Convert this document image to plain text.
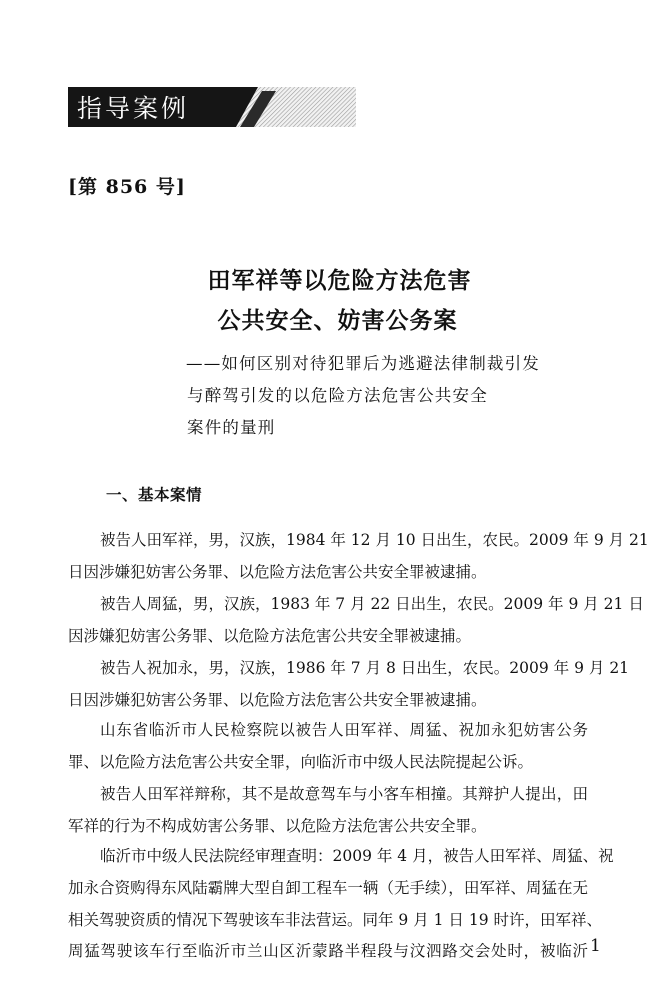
指导案例
[第 856 号]
田军祥等以危险方法危害
公共安全、妨害公务案
——如何区别对待犯罪后为逃避法律制裁引发
与醉驾引发的以危险方法危害公共安全
案件的量刑
一、基本案情
被告人田军祥，男，汉族，1984 年 12 月 10 日出生，农民。2009 年 9 月 21
日因涉嫌犯妨害公务罪、以危险方法危害公共安全罪被逮捕。
被告人周猛，男，汉族，1983 年 7 月 22 日出生，农民。2009 年 9 月 21 日
因涉嫌犯妨害公务罪、以危险方法危害公共安全罪被逮捕。
被告人祝加永，男，汉族，1986 年 7 月 8 日出生，农民。2009 年 9 月 21
日因涉嫌犯妨害公务罪、以危险方法危害公共安全罪被逮捕。
山东省临沂市人民检察院以被告人田军祥、周猛、祝加永犯妨害公务
罪、以危险方法危害公共安全罪，向临沂市中级人民法院提起公诉。
被告人田军祥辩称，其不是故意驾车与小客车相撞。其辩护人提出，田
军祥的行为不构成妨害公务罪、以危险方法危害公共安全罪。
临沂市中级人民法院经审理查明：2009 年 4 月，被告人田军祥、周猛、祝
加永合资购得东风陆霸牌大型自卸工程车一辆（无手续），田军祥、周猛在无
相关驾驶资质的情况下驾驶该车非法营运。同年 9 月 1 日 19 时许，田军祥、
周猛驾驶该车行至临沂市兰山区沂蒙路半程段与汶泗路交会处时，被临沂 1
